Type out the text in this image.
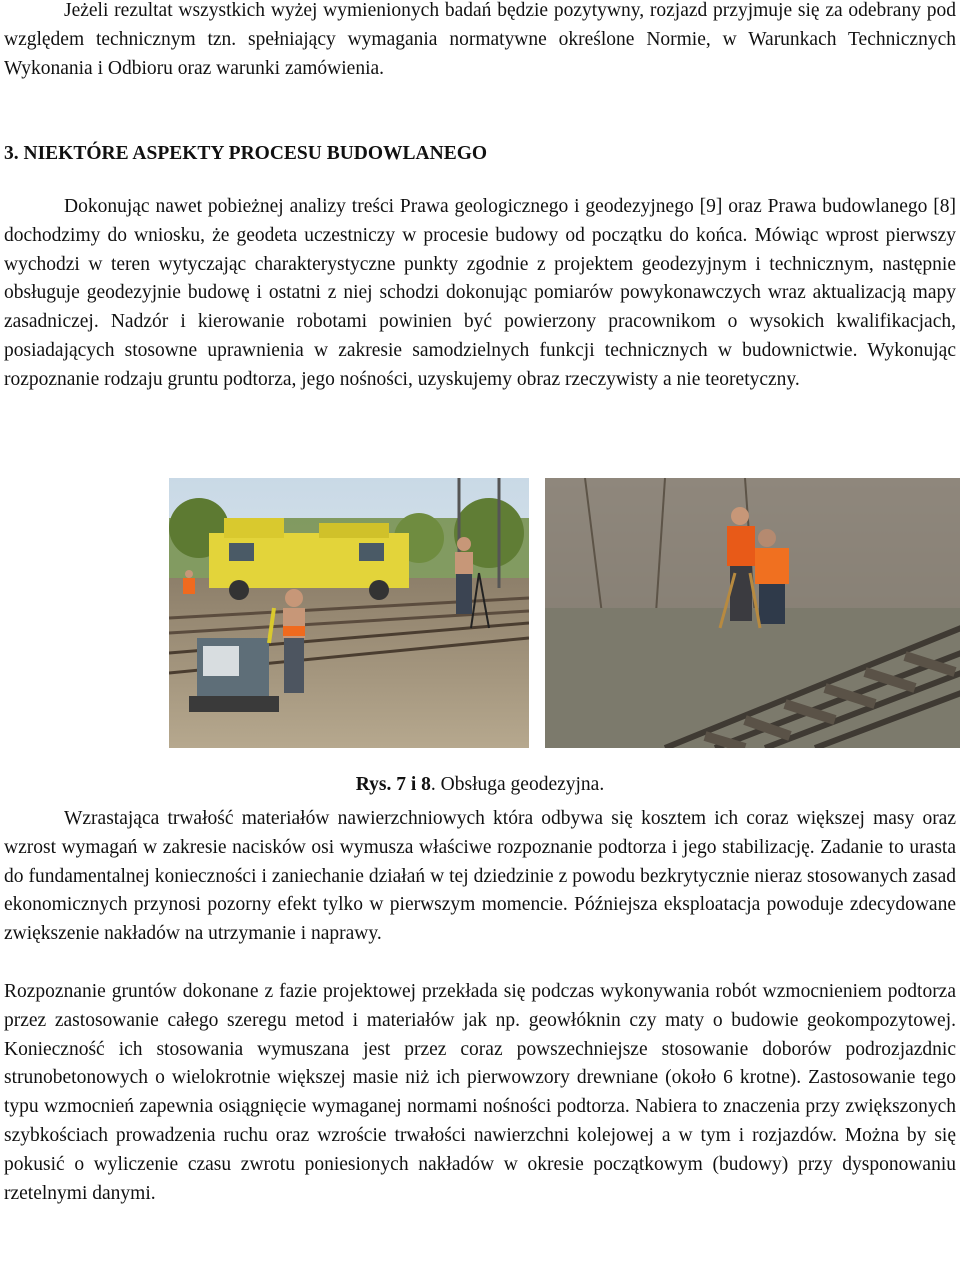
Jeżeli rezultat wszystkich wyżej wymienionych badań będzie pozytywny, rozjazd przyjmuje się za odebrany pod względem technicznym tzn. spełniający wymagania normatywne określone Normie, w Warunkach Technicznych Wykonania i Odbioru oraz warunki zamówienia.

3. NIEKTÓRE ASPEKTY PROCESU BUDOWLANEGO

Dokonując nawet pobieżnej analizy treści Prawa geologicznego i geodezyjnego [9] oraz Prawa budowlanego [8] dochodzimy do wniosku, że geodeta uczestniczy w procesie budowy od początku do końca. Mówiąc wprost pierwszy wychodzi w teren wytyczając charakterystyczne punkty zgodnie z projektem geodezyjnym i technicznym, następnie obsługuje geodezyjnie budowę i ostatni z niej schodzi dokonując pomiarów powykonawczych wraz aktualizacją mapy zasadniczej. Nadzór i kierowanie robotami powinien być powierzony pracownikom o wysokich kwalifikacjach, posiadających stosowne uprawnienia w zakresie samodzielnych funkcji technicznych w budownictwie. Wykonując rozpoznanie rodzaju gruntu podtorza, jego nośności, uzyskujemy obraz rzeczywisty a nie teoretyczny.

Rys. 7 i 8. Obsługa geodezyjna.

Wzrastająca trwałość materiałów nawierzchniowych która odbywa się kosztem ich coraz większej masy oraz wzrost wymagań w zakresie nacisków osi wymusza właściwe rozpoznanie podtorza i jego stabilizację. Zadanie to urasta do fundamentalnej konieczności i zaniechanie działań w tej dziedzinie z powodu bezkrytycznie nieraz stosowanych zasad ekonomicznych przynosi pozorny efekt tylko w pierwszym momencie. Późniejsza eksploatacja powoduje zdecydowane zwiększenie nakładów na utrzymanie i naprawy.

Rozpoznanie gruntów dokonane z fazie projektowej przekłada się podczas wykonywania robót wzmocnieniem podtorza przez zastosowanie całego szeregu metod i materiałów jak np. geowłóknin czy maty o budowie geokompozytowej. Konieczność ich stosowania wymuszana jest przez coraz powszechniejsze stosowanie doborów podrozjazdnic strunobetonowych o wielokrotnie większej masie niż ich pierwowzory drewniane (około 6 krotne). Zastosowanie tego typu wzmocnień zapewnia osiągnięcie wymaganej normami nośności podtorza. Nabiera to znaczenia przy zwiększonych szybkościach prowadzenia ruchu oraz wzroście trwałości nawierzchni kolejowej a w tym i rozjazdów. Można by się pokusić o wyliczenie czasu zwrotu poniesionych nakładów w okresie początkowym (budowy) przy dysponowaniu rzetelnymi danymi.
